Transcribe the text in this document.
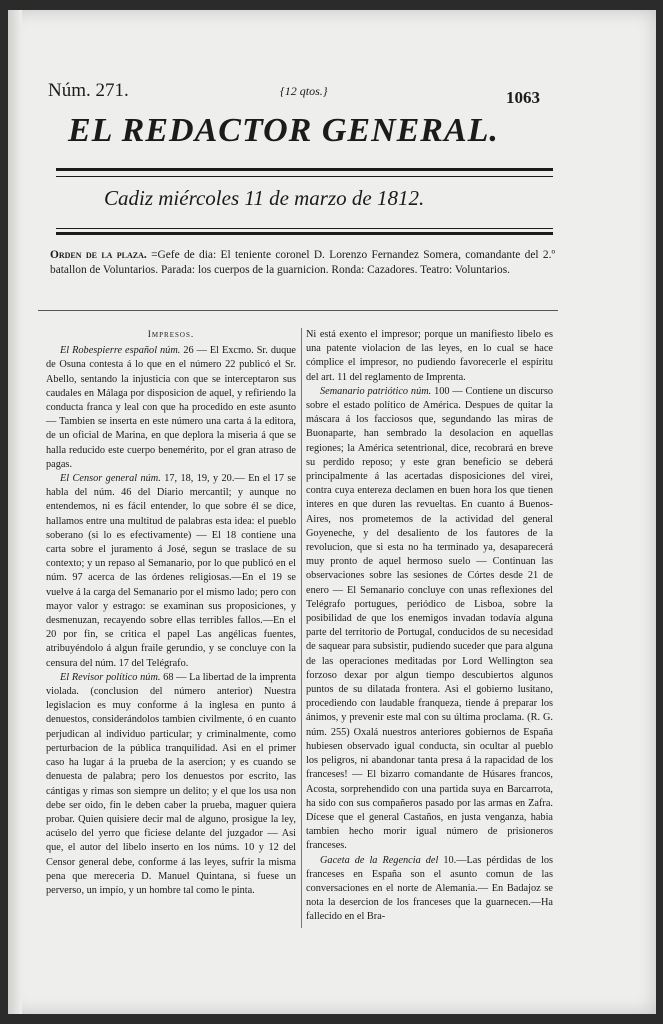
Núm. 271.	{12 qtos.}	1063
EL REDACTOR GENERAL.
Cadiz miércoles 11 de marzo de 1812.
Orden de la plaza. =Gefe de dia: El teniente coronel D. Lorenzo Fernandez Somera, comandante del 2.º batallon de Voluntarios. Parada: los cuerpos de la guarnicion. Ronda: Cazadores. Teatro: Voluntarios.
Impresos.

El Robespierre español núm. 26 — El Excmo. Sr. duque de Osuna contesta á lo que en el número 22 publicó el Sr. Abello, sentando la injusticia con que se interceptaron sus caudales en Málaga por disposicion de aquel, y refiriendo la conducta franca y leal con que ha procedido en este asunto — Tambien se inserta en este número una carta á la editora, de un oficial de Marina, en que deplora la miseria á que se halla reducido este cuerpo benemérito, por el gran atraso de pagas.

El Censor general núm. 17, 18, 19, y 20.— En el 17 se habla del núm. 46 del Diario mercantil; y aunque no entendemos, ni es fácil entender, lo que sobre él se dice, hallamos entre una multitud de palabras esta idea: el pueblo soberano (si lo es efectivamente) — El 18 contiene una carta sobre el juramento á José, segun se traslace de su contexto; y un repaso al Semanario, por lo que publicó en el núm. 97 acerca de las órdenes religiosas.—En el 19 se vuelve á la carga del Semanario por el mismo lado; pero con mayor valor y estrago: se examinan sus proposiciones, y desmenuzan, recayendo sobre ellas terribles fallos.—En el 20 por fin, se critica el papel Las angélicas fuentes, atribuyéndolo á algun fraile gerundio, y se concluye con la censura del núm. 17 del Telégrafo.

El Revisor político núm. 68 — La libertad de la imprenta violada. (conclusion del número anterior) Nuestra legislacion es muy conforme á la inglesa en punto á denuestos, considerándolos tambien civilmente, ó en cuanto perjudican al individuo particular; y criminalmente, como perturbacion de la pública tranquilidad. Asi en el primer caso ha lugar á la prueba de la asercion; y es cuando se denuesta de palabra; pero los denuestos por escrito, las cántigas y rimas son siempre un delito; y el que los usa non debe ser oido, fin le deben caber la prueba, maguer quiera probar. Quien quisiere decir mal de alguno, prosigue la ley, acúselo del yerro que ficiese delante del juzgador — Asi que, el autor del libelo inserto en los núms. 10 y 12 del Censor general debe, conforme á las leyes, sufrir la misma pena que mereceria D. Manuel Quintana, si fuese un perverso, un impío, y un hombre tal como le pinta.

Ni está exento el impresor; porque un manifiesto libelo es una patente violacion de las leyes, en lo cual se hace cómplice el impresor, no pudiendo favorecerle el espíritu del art. 11 del reglamento de Imprenta.

Semanario patriótico núm. 100 — Contiene un discurso sobre el estado político de América. Despues de quitar la máscara á los facciosos que, segundando las miras de Buonaparte, han sembrado la desolacion en aquellas regiones; la América setentrional, dice, recobrará en breve su perdido reposo; y este gran beneficio se deberá principalmente á las acertadas disposiciones del virei, contra cuya entereza declamen en buen hora los que tienen interes en que duren las revueltas. En cuanto á Buenos-Aires, nos prometemos de la actividad del general Goyeneche, y del desaliento de los fautores de la revolucion, que si esta no ha terminado ya, desaparecerá muy pronto de aquel hermoso suelo — Continuan las observaciones sobre las sesiones de Córtes desde 21 de enero — El Semanario concluye con unas reflexiones del Telégrafo portugues, periódico de Lisboa, sobre la posibilidad de que los enemigos invadan todavía alguna parte del territorio de Portugal, conducidos de su necesidad de saquear para subsistir, pudiendo suceder que para alguna de las operaciones meditadas por Lord Wellington sea forzoso dexar por algun tiempo descubiertos algunos puntos de su dilatada frontera. Asi el gobierno lusitano, procediendo con laudable franqueza, tiende á preparar los ánimos, y prevenir este mal con su última proclama. (R. G. núm. 255) Oxalá nuestros anteriores gobiernos de España hubiesen observado igual conducta, sin ocultar al pueblo los peligros, ni abandonar tanta presa á la rapacidad de los franceses! — El bizarro comandante de Húsares francos, Acosta, sorprehendido con una partida suya en Barcarrota, ha sido con sus compañeros pasado por las armas en Zafra. Dícese que el general Castaños, en justa venganza, habia tambien hecho morir igual número de prisioneros franceses.

Gaceta de la Regencia del 10.—Las pérdidas de los franceses en España son el asunto comun de las conversaciones en el norte de Alemania.— En Badajoz se nota la desercion de los franceses que la guarnecen.—Ha fallecido en el Bra-
